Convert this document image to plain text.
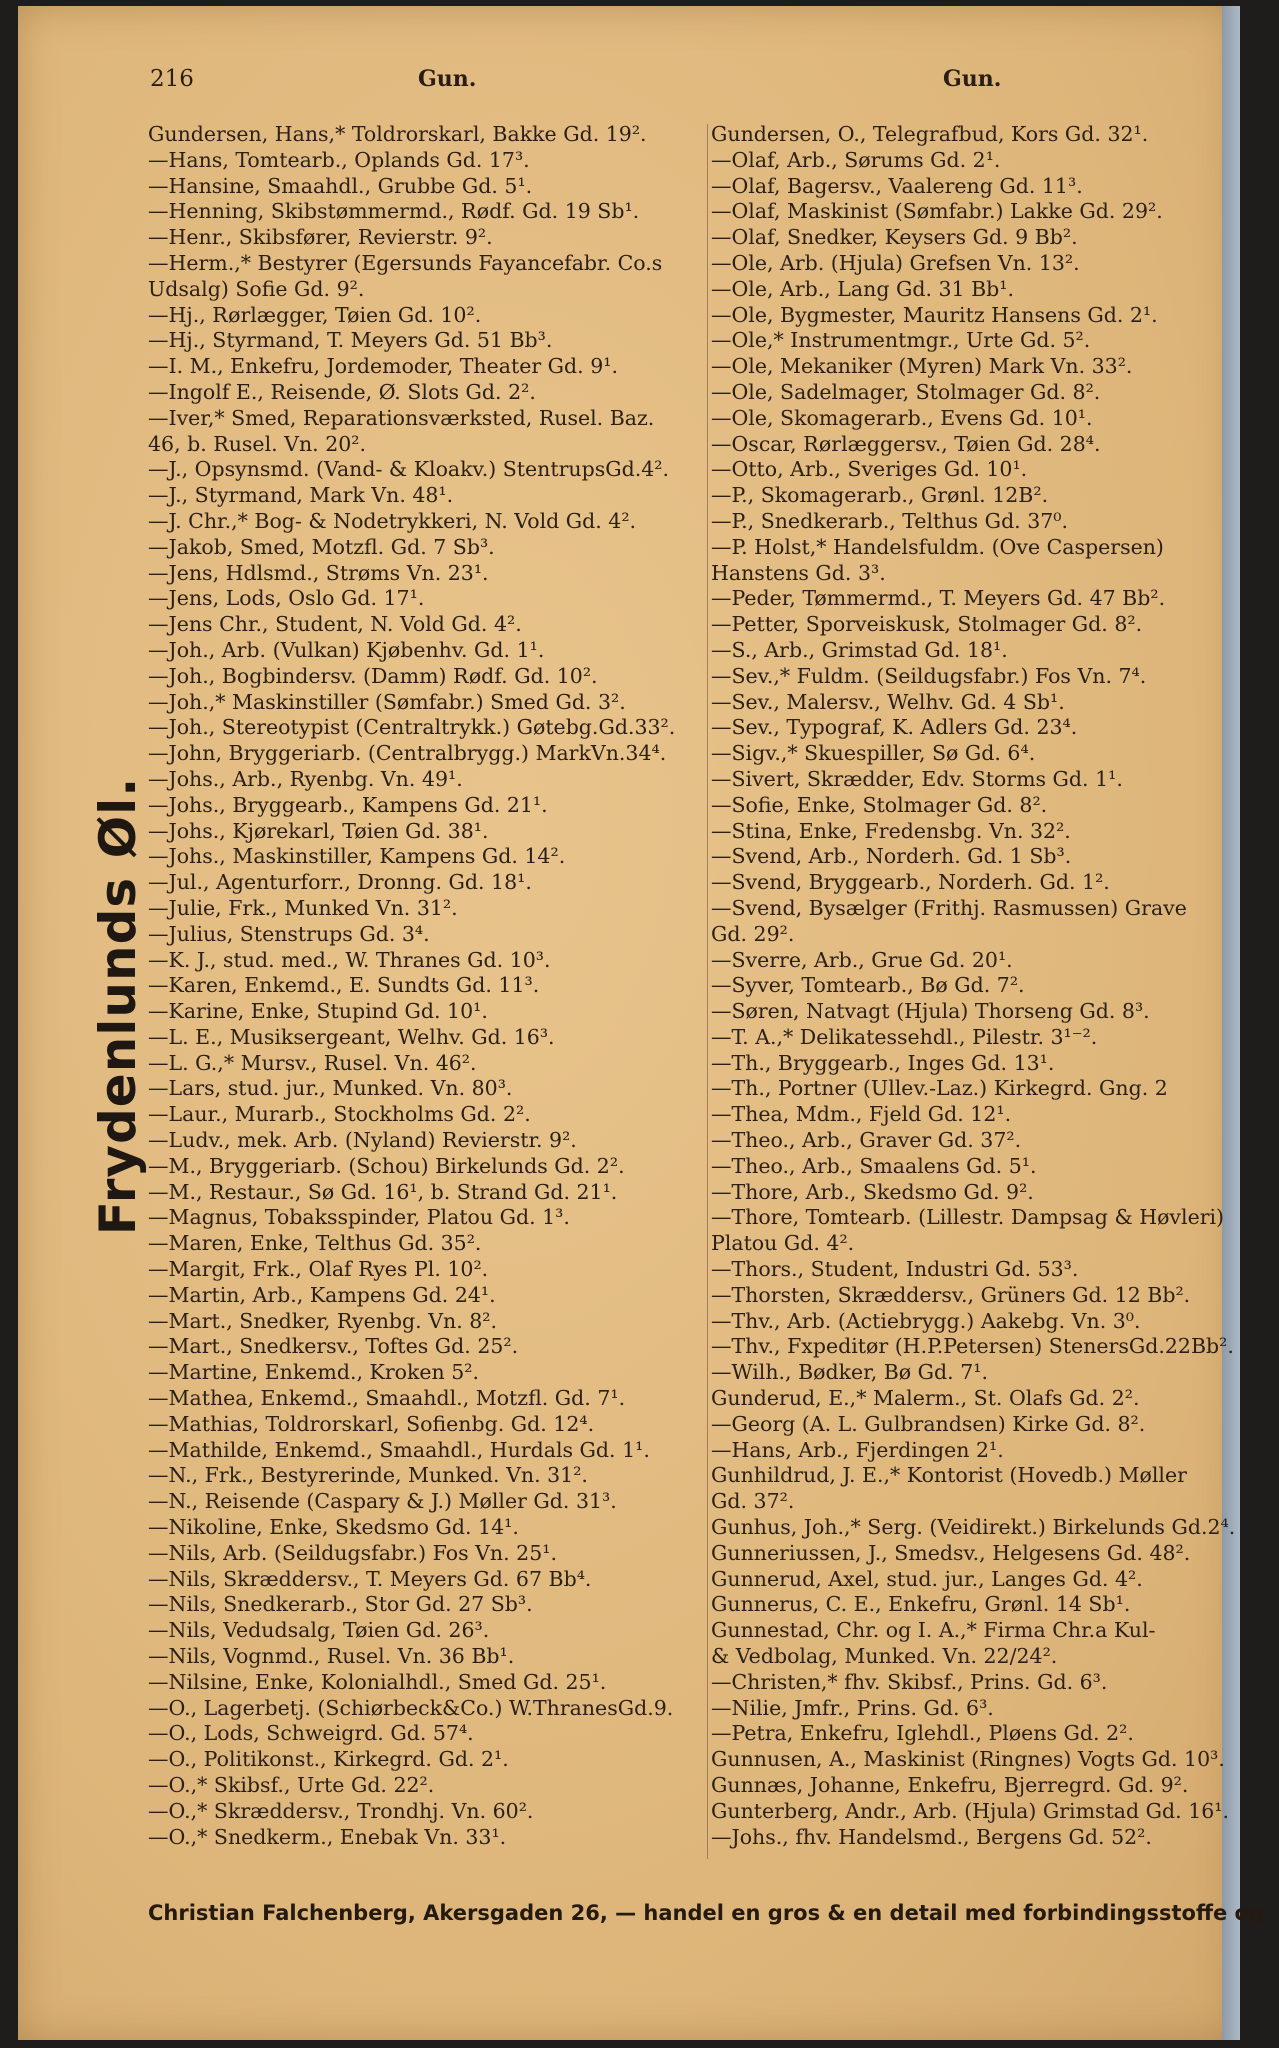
216	Gun.	Gun.
Frydenlunds Øl.
Gundersen, Hans,* Toldrorskarl, Bakke Gd. 19².
—Hans, Tomtearb., Oplands Gd. 17³.
—Hansine, Smaahdl., Grubbe Gd. 5¹.
—Henning, Skibstømmermd., Rødf. Gd. 19 Sb¹.
—Henr., Skibsfører, Revierstr. 9².
—Herm.,* Bestyrer (Egersunds Fayancefabr. Co.s
Udsalg) Sofie Gd. 9².
—Hj., Rørlægger, Tøien Gd. 10².
—Hj., Styrmand, T. Meyers Gd. 51 Bb³.
—I. M., Enkefru, Jordemoder, Theater Gd. 9¹.
—Ingolf E., Reisende, Ø. Slots Gd. 2².
—Iver,* Smed, Reparationsværksted, Rusel. Baz.
46, b. Rusel. Vn. 20².
—J., Opsynsmd. (Vand- & Kloakv.) StentrupsGd.4².
—J., Styrmand, Mark Vn. 48¹.
—J. Chr.,* Bog- & Nodetrykkeri, N. Vold Gd. 4².
—Jakob, Smed, Motzfl. Gd. 7 Sb³.
—Jens, Hdlsmd., Strøms Vn. 23¹.
—Jens, Lods, Oslo Gd. 17¹.
—Jens Chr., Student, N. Vold Gd. 4².
—Joh., Arb. (Vulkan) Kjøbenhv. Gd. 1¹.
—Joh., Bogbindersv. (Damm) Rødf. Gd. 10².
—Joh.,* Maskinstiller (Sømfabr.) Smed Gd. 3².
—Joh., Stereotypist (Centraltrykk.) Gøtebg.Gd.33².
—John, Bryggeriarb. (Centralbrygg.) MarkVn.34⁴.
—Johs., Arb., Ryenbg. Vn. 49¹.
—Johs., Bryggearb., Kampens Gd. 21¹.
—Johs., Kjørekarl, Tøien Gd. 38¹.
—Johs., Maskinstiller, Kampens Gd. 14².
—Jul., Agenturforr., Dronng. Gd. 18¹.
—Julie, Frk., Munked Vn. 31².
—Julius, Stenstrups Gd. 3⁴.
—K. J., stud. med., W. Thranes Gd. 10³.
—Karen, Enkemd., E. Sundts Gd. 11³.
—Karine, Enke, Stupind Gd. 10¹.
—L. E., Musiksergeant, Welhv. Gd. 16³.
—L. G.,* Mursv., Rusel. Vn. 46².
—Lars, stud. jur., Munked. Vn. 80³.
—Laur., Murarb., Stockholms Gd. 2².
—Ludv., mek. Arb. (Nyland) Revierstr. 9².
—M., Bryggeriarb. (Schou) Birkelunds Gd. 2².
—M., Restaur., Sø Gd. 16¹, b. Strand Gd. 21¹.
—Magnus, Tobaksspinder, Platou Gd. 1³.
—Maren, Enke, Telthus Gd. 35².
—Margit, Frk., Olaf Ryes Pl. 10².
—Martin, Arb., Kampens Gd. 24¹.
—Mart., Snedker, Ryenbg. Vn. 8².
—Mart., Snedkersv., Toftes Gd. 25².
—Martine, Enkemd., Kroken 5².
—Mathea, Enkemd., Smaahdl., Motzfl. Gd. 7¹.
—Mathias, Toldrorskarl, Sofienbg. Gd. 12⁴.
—Mathilde, Enkemd., Smaahdl., Hurdals Gd. 1¹.
—N., Frk., Bestyrerinde, Munked. Vn. 31².
—N., Reisende (Caspary & J.) Møller Gd. 31³.
—Nikoline, Enke, Skedsmo Gd. 14¹.
—Nils, Arb. (Seildugsfabr.) Fos Vn. 25¹.
—Nils, Skræddersv., T. Meyers Gd. 67 Bb⁴.
—Nils, Snedkerarb., Stor Gd. 27 Sb³.
—Nils, Vedudsalg, Tøien Gd. 26³.
—Nils, Vognmd., Rusel. Vn. 36 Bb¹.
—Nilsine, Enke, Kolonialhdl., Smed Gd. 25¹.
—O., Lagerbetj. (Schiørbeck&Co.) W.ThranesGd.9.
—O., Lods, Schweigrd. Gd. 57⁴.
—O., Politikonst., Kirkegrd. Gd. 2¹.
—O.,* Skibsf., Urte Gd. 22².
—O.,* Skræddersv., Trondhj. Vn. 60².
—O.,* Snedkerm., Enebak Vn. 33¹.
Gundersen, O., Telegrafbud, Kors Gd. 32¹.
—Olaf, Arb., Sørums Gd. 2¹.
—Olaf, Bagersv., Vaalereng Gd. 11³.
—Olaf, Maskinist (Sømfabr.) Lakke Gd. 29².
—Olaf, Snedker, Keysers Gd. 9 Bb².
—Ole, Arb. (Hjula) Grefsen Vn. 13².
—Ole, Arb., Lang Gd. 31 Bb¹.
—Ole, Bygmester, Mauritz Hansens Gd. 2¹.
—Ole,* Instrumentmgr., Urte Gd. 5².
—Ole, Mekaniker (Myren) Mark Vn. 33².
—Ole, Sadelmager, Stolmager Gd. 8².
—Ole, Skomagerarb., Evens Gd. 10¹.
—Oscar, Rørlæggersv., Tøien Gd. 28⁴.
—Otto, Arb., Sveriges Gd. 10¹.
—P., Skomagerarb., Grønl. 12B².
—P., Snedkerarb., Telthus Gd. 37⁰.
—P. Holst,* Handelsfuldm. (Ove Caspersen)
Hanstens Gd. 3³.
—Peder, Tømmermd., T. Meyers Gd. 47 Bb².
—Petter, Sporveiskusk, Stolmager Gd. 8².
—S., Arb., Grimstad Gd. 18¹.
—Sev.,* Fuldm. (Seildugsfabr.) Fos Vn. 7⁴.
—Sev., Malersv., Welhv. Gd. 4 Sb¹.
—Sev., Typograf, K. Adlers Gd. 23⁴.
—Sigv.,* Skuespiller, Sø Gd. 6⁴.
—Sivert, Skrædder, Edv. Storms Gd. 1¹.
—Sofie, Enke, Stolmager Gd. 8².
—Stina, Enke, Fredensbg. Vn. 32².
—Svend, Arb., Norderh. Gd. 1 Sb³.
—Svend, Bryggearb., Norderh. Gd. 1².
—Svend, Bysælger (Frithj. Rasmussen) Grave
Gd. 29².
—Sverre, Arb., Grue Gd. 20¹.
—Syver, Tomtearb., Bø Gd. 7².
—Søren, Natvagt (Hjula) Thorseng Gd. 8³.
—T. A.,* Delikatessehdl., Pilestr. 3¹⁻².
—Th., Bryggearb., Inges Gd. 13¹.
—Th., Portner (Ullev.-Laz.) Kirkegrd. Gng. 2
—Thea, Mdm., Fjeld Gd. 12¹.
—Theo., Arb., Graver Gd. 37².
—Theo., Arb., Smaalens Gd. 5¹.
—Thore, Arb., Skedsmo Gd. 9².
—Thore, Tomtearb. (Lillestr. Dampsag & Høvleri)
Platou Gd. 4².
—Thors., Student, Industri Gd. 53³.
—Thorsten, Skræddersv., Grüners Gd. 12 Bb².
—Thv., Arb. (Actiebrygg.) Aakebg. Vn. 3⁰.
—Thv., Fxpeditør (H.P.Petersen) StenersGd.22Bb².
—Wilh., Bødker, Bø Gd. 7¹.
Gunderud, E.,* Malerm., St. Olafs Gd. 2².
—Georg (A. L. Gulbrandsen) Kirke Gd. 8².
—Hans, Arb., Fjerdingen 2¹.
Gunhildrud, J. E.,* Kontorist (Hovedb.) Møller
Gd. 37².
Gunhus, Joh.,* Serg. (Veidirekt.) Birkelunds Gd.2⁴.
Gunneriussen, J., Smedsv., Helgesens Gd. 48².
Gunnerud, Axel, stud. jur., Langes Gd. 4².
Gunnerus, C. E., Enkefru, Grønl. 14 Sb¹.
Gunnestad, Chr. og I. A.,* Firma Chr.a Kul-
& Vedbolag, Munked. Vn. 22/24².
—Christen,* fhv. Skibsf., Prins. Gd. 6³.
—Nilie, Jmfr., Prins. Gd. 6³.
—Petra, Enkefru, Iglehdl., Pløens Gd. 2².
Gunnusen, A., Maskinist (Ringnes) Vogts Gd. 10³.
Gunnæs, Johanne, Enkefru, Bjerregrd. Gd. 9².
Gunterberg, Andr., Arb. (Hjula) Grimstad Gd. 16¹.
—Johs., fhv. Handelsmd., Bergens Gd. 52².
Christian Falchenberg, Akersgaden 26, — handel en gros & en detail med forbindingsstoffe og
